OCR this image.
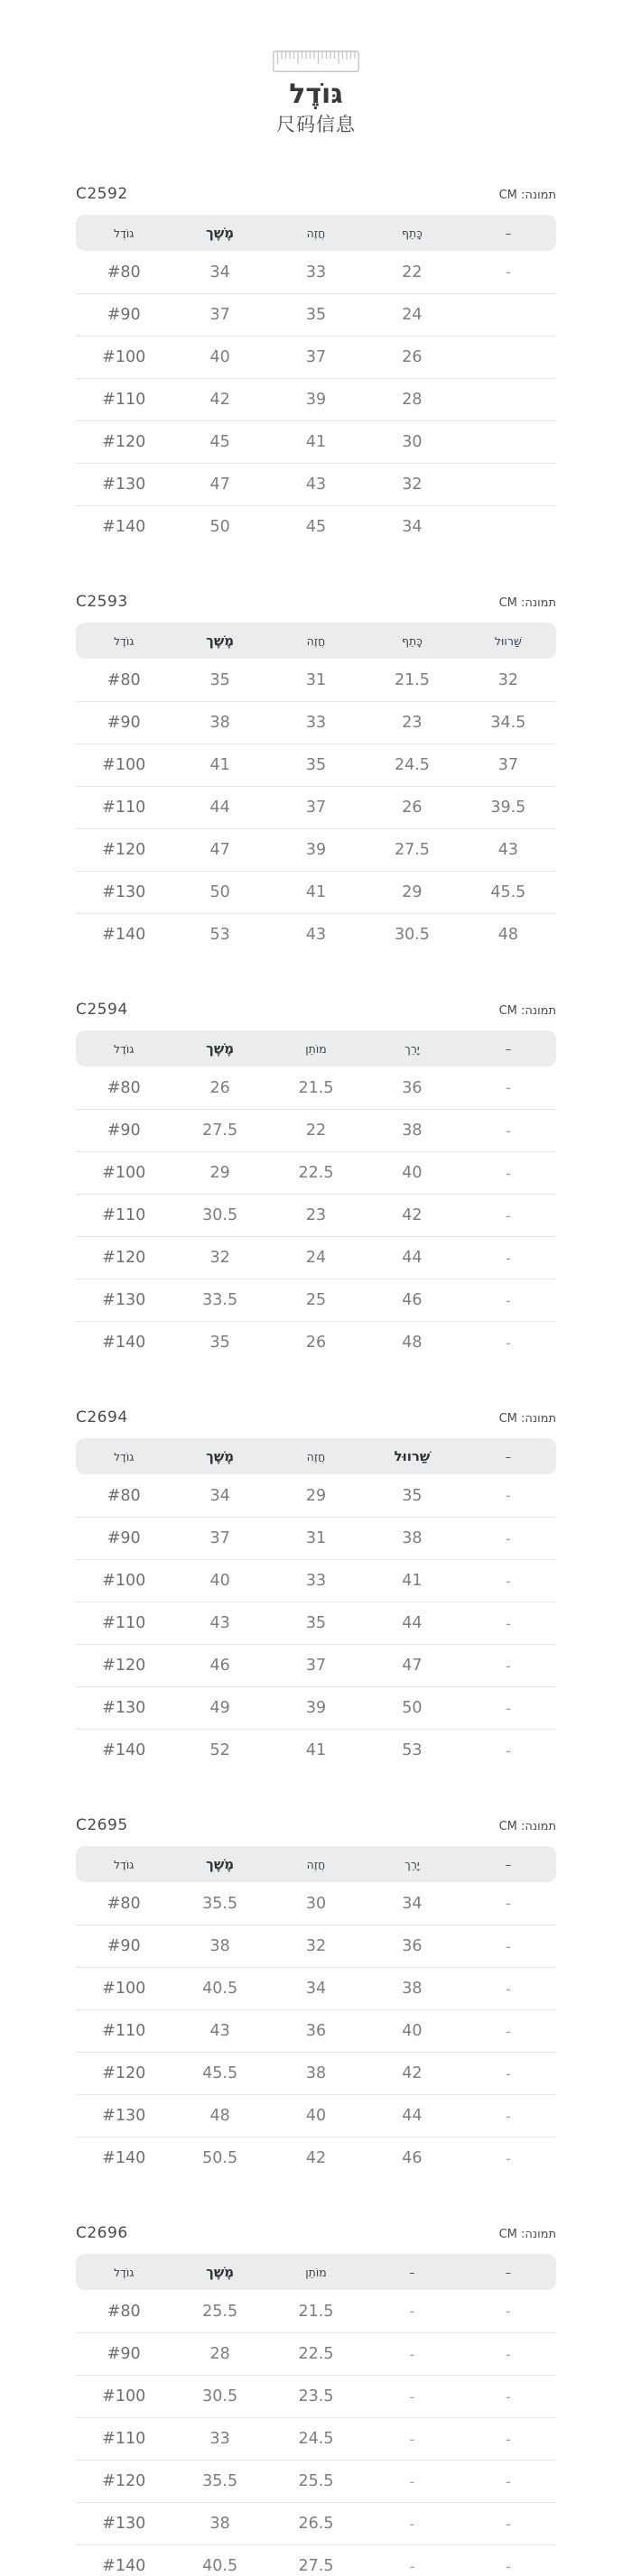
גּוֹדֶל
尺码信息
C2592	תמונה: CM
גוֹדֶל	מֶשֶׁך	חֲזֶה	כָּתֵף	–
#80	34	33	22	-
#90	37	35	24
#100	40	37	26
#110	42	39	28
#120	45	41	30
#130	47	43	32
#140	50	45	34
C2593	תמונה: CM
גוֹדֶל	מֶשֶׁך	חֲזֶה	כָּתֵף	שַׁרווּל
#80	35	31	21.5	32
#90	38	33	23	34.5
#100	41	35	24.5	37
#110	44	37	26	39.5
#120	47	39	27.5	43
#130	50	41	29	45.5
#140	53	43	30.5	48
C2594	תמונה: CM
גוֹדֶל	מֶשֶׁך	מוֹתֵן	יָרֵך	–
#80	26	21.5	36	-
#90	27.5	22	38	-
#100	29	22.5	40	-
#110	30.5	23	42	-
#120	32	24	44	-
#130	33.5	25	46	-
#140	35	26	48	-
C2694	תמונה: CM
גוֹדֶל	מֶשֶׁך	חֲזֶה	שַׁרווּל	–
#80	34	29	35	-
#90	37	31	38	-
#100	40	33	41	-
#110	43	35	44	-
#120	46	37	47	-
#130	49	39	50	-
#140	52	41	53	-
C2695	תמונה: CM
גוֹדֶל	מֶשֶׁך	חֲזֶה	יָרֵך	–
#80	35.5	30	34	-
#90	38	32	36	-
#100	40.5	34	38	-
#110	43	36	40	-
#120	45.5	38	42	-
#130	48	40	44	-
#140	50.5	42	46	-
C2696	תמונה: CM
גוֹדֶל	מֶשֶׁך	מוֹתֵן	–	–
#80	25.5	21.5	-	-
#90	28	22.5	-	-
#100	30.5	23.5	-	-
#110	33	24.5	-	-
#120	35.5	25.5	-	-
#130	38	26.5	-	-
#140	40.5	27.5	-	-
